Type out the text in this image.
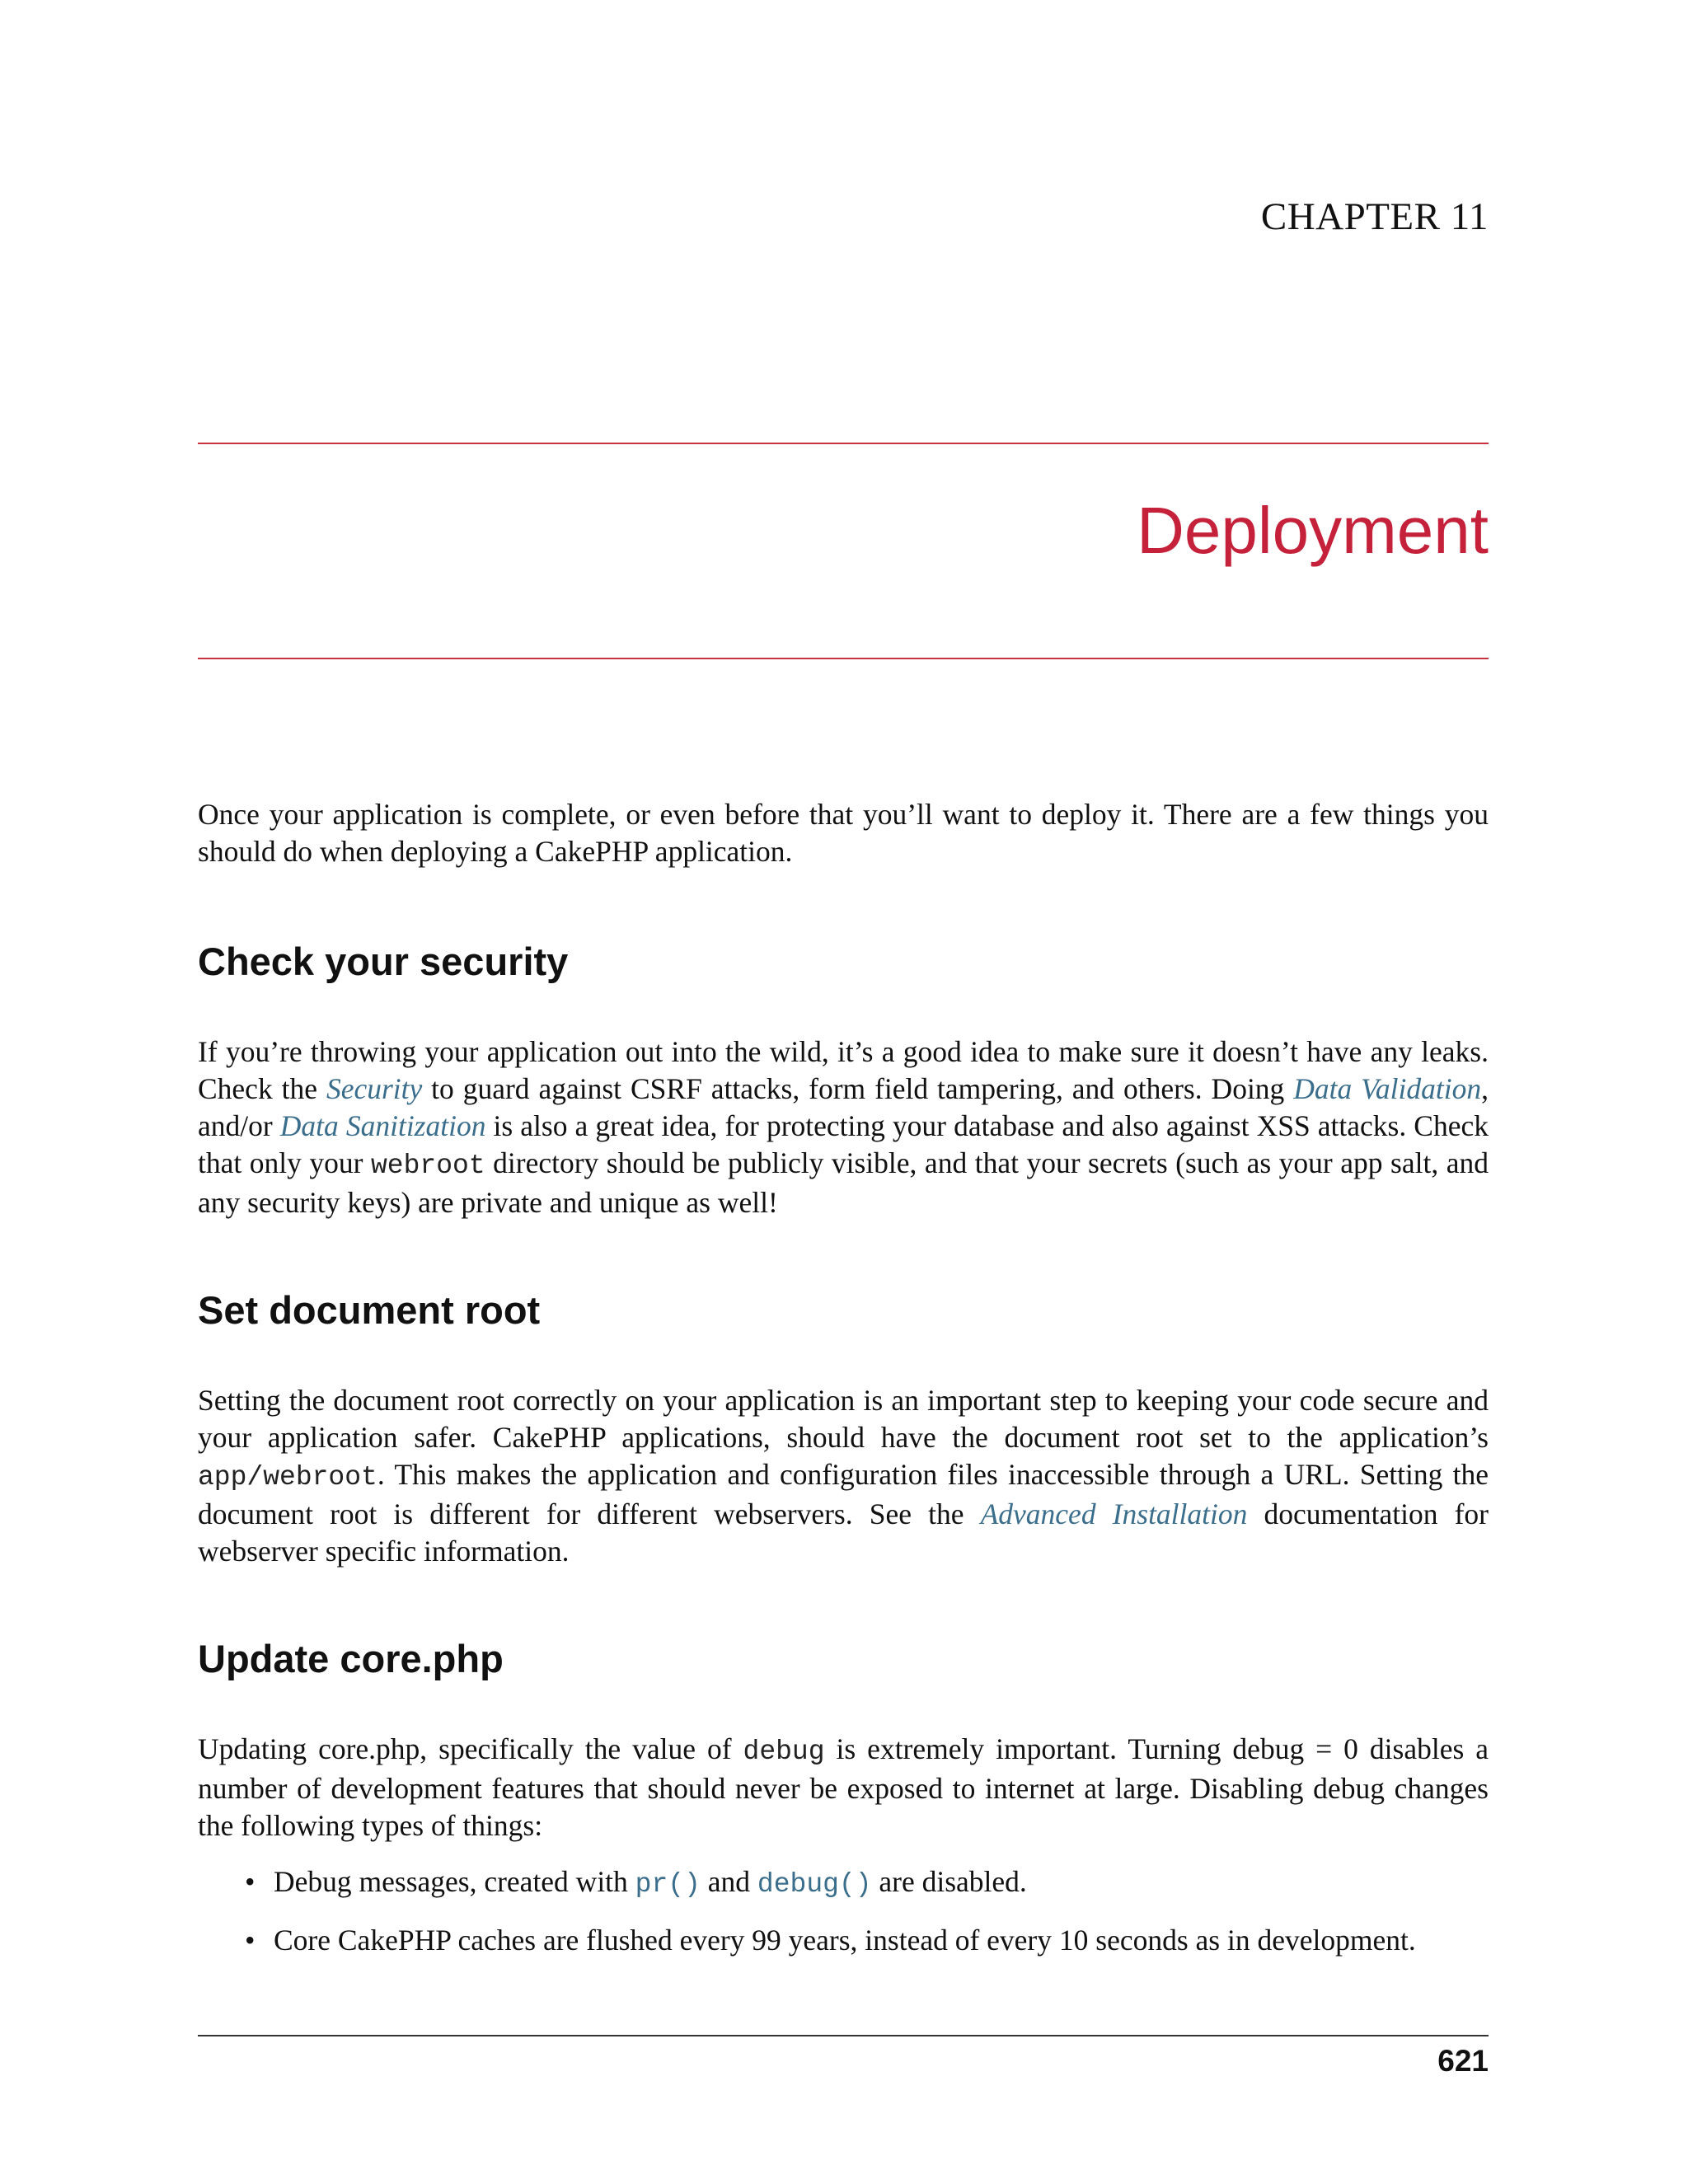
CHAPTER 11
Deployment

Once your application is complete, or even before that you’ll want to deploy it. There are a few things you should do when deploying a CakePHP application.

Check your security

If you’re throwing your application out into the wild, it’s a good idea to make sure it doesn’t have any leaks. Check the Security to guard against CSRF attacks, form field tampering, and others. Doing Data Validation, and/or Data Sanitization is also a great idea, for protecting your database and also against XSS attacks. Check that only your webroot directory should be publicly visible, and that your secrets (such as your app salt, and any security keys) are private and unique as well!

Set document root

Setting the document root correctly on your application is an important step to keeping your code secure and your application safer. CakePHP applications, should have the document root set to the application’s app/webroot. This makes the application and configuration files inaccessible through a URL. Setting the document root is different for different webservers. See the Advanced Installation documentation for webserver specific information.

Update core.php

Updating core.php, specifically the value of debug is extremely important. Turning debug = 0 disables a number of development features that should never be exposed to internet at large. Disabling debug changes the following types of things:

• Debug messages, created with pr() and debug() are disabled.
• Core CakePHP caches are flushed every 99 years, instead of every 10 seconds as in development.
621
